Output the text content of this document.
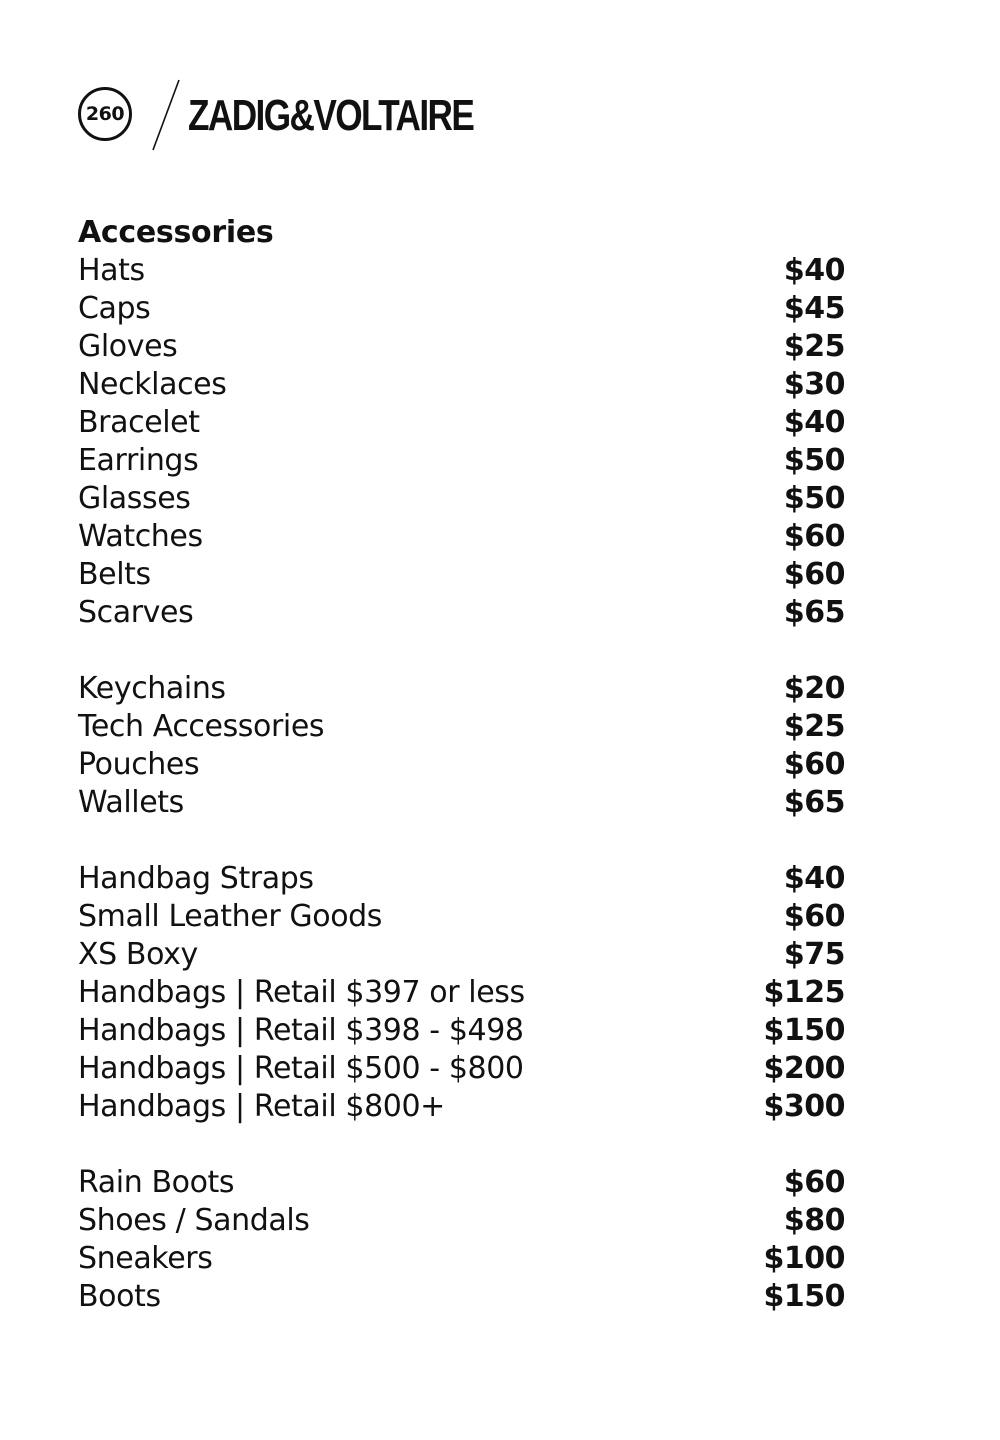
260 ZADIG&VOLTAIRE
Accessories
Hats	$40
Caps	$45
Gloves	$25
Necklaces	$30
Bracelet	$40
Earrings	$50
Glasses	$50
Watches	$60
Belts	$60
Scarves	$65
Keychains	$20
Tech Accessories	$25
Pouches	$60
Wallets	$65
Handbag Straps	$40
Small Leather Goods	$60
XS Boxy	$75
Handbags | Retail $397 or less	$125
Handbags | Retail $398 - $498	$150
Handbags | Retail $500 - $800	$200
Handbags | Retail $800+	$300
Rain Boots	$60
Shoes / Sandals	$80
Sneakers	$100
Boots	$150
